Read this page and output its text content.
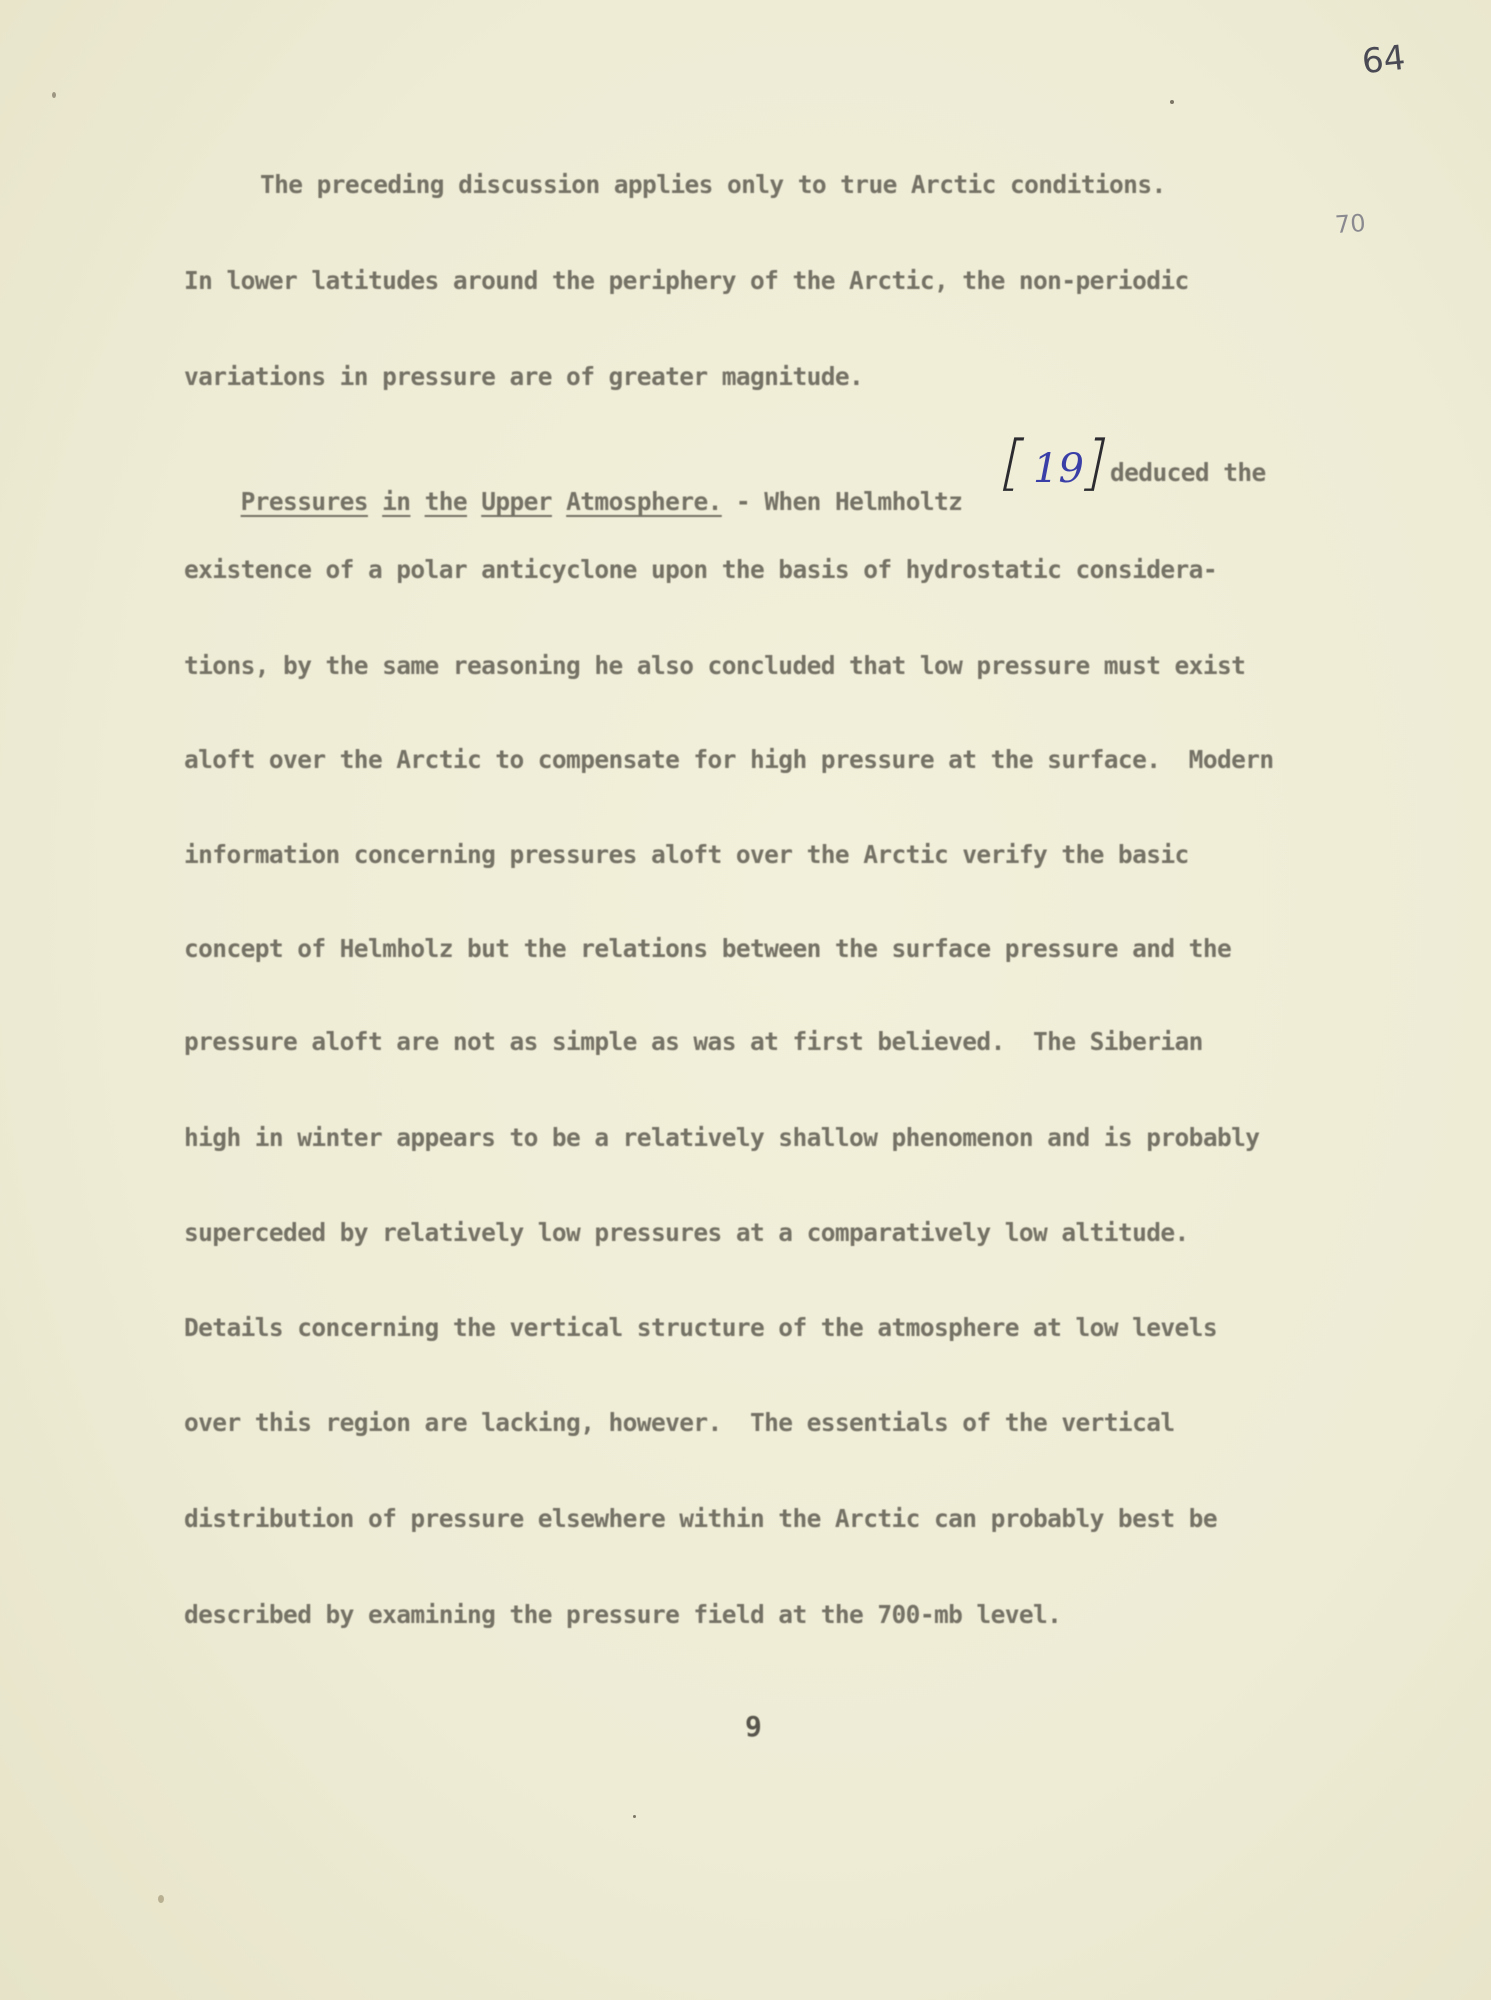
64
70
The preceding discussion applies only to true Arctic conditions.
In lower latitudes around the periphery of the Arctic, the non-periodic
variations in pressure are of greater magnitude.

Pressures in the Upper Atmosphere. - When Helmholtz

[ 19
]
deduced the
existence of a polar anticyclone upon the basis of hydrostatic considera-
tions, by the same reasoning he also concluded that low pressure must exist
aloft over the Arctic to compensate for high pressure at the surface.  Modern
information concerning pressures aloft over the Arctic verify the basic
concept of Helmholz but the relations between the surface pressure and the
pressure aloft are not as simple as was at first believed.  The Siberian
high in winter appears to be a relatively shallow phenomenon and is probably
superceded by relatively low pressures at a comparatively low altitude.
Details concerning the vertical structure of the atmosphere at low levels
over this region are lacking, however.  The essentials of the vertical
distribution of pressure elsewhere within the Arctic can probably best be
described by examining the pressure field at the 700-mb level.
9
